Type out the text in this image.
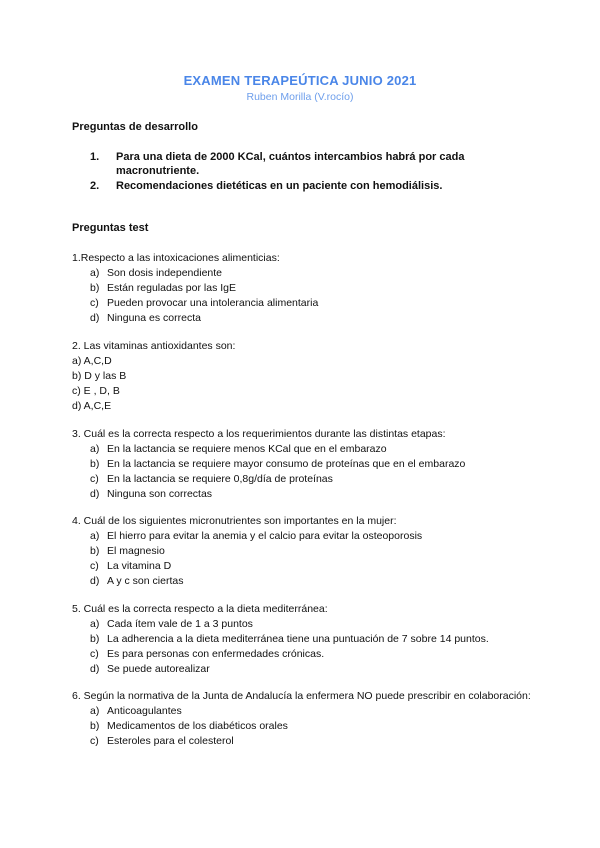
EXAMEN TERAPEÚTICA JUNIO 2021
Ruben Morilla (V.rocío)
Preguntas de desarrollo
1. Para una dieta de 2000 KCal, cuántos intercambios habrá por cada macronutriente.
2. Recomendaciones dietéticas en un paciente con hemodiálisis.
Preguntas test

1.Respecto a las intoxicaciones alimenticias:

a) Son dosis independiente
b) Están reguladas por las IgE
c) Pueden provocar una intolerancia alimentaria
d) Ninguna es correcta

2. Las vitaminas antioxidantes son:

a) A,C,D
b) D y las B
c) E , D, B
d) A,C,E

3. Cuál es la correcta respecto a los requerimientos durante las distintas etapas:

a) En la lactancia se requiere menos KCal que en el embarazo
b) En la lactancia se requiere mayor consumo de proteínas que en el embarazo
c) En la lactancia se requiere 0,8g/día de proteínas
d) Ninguna son correctas

4. Cuál de los siguientes micronutrientes son importantes en la mujer:

a) El hierro para evitar la anemia y el calcio para evitar la osteoporosis
b) El magnesio
c) La vitamina D
d) A y c son ciertas

5. Cuál es la correcta respecto a la dieta mediterránea:

a) Cada ítem vale de 1 a 3 puntos
b) La adherencia a la dieta mediterránea tiene una puntuación de 7 sobre 14 puntos.
c) Es para personas con enfermedades crónicas.
d) Se puede autorealizar

6. Según la normativa de la Junta de Andalucía la enfermera NO puede prescribir en colaboración:

a) Anticoagulantes
b) Medicamentos de los diabéticos orales
c) Esteroles para el colesterol
